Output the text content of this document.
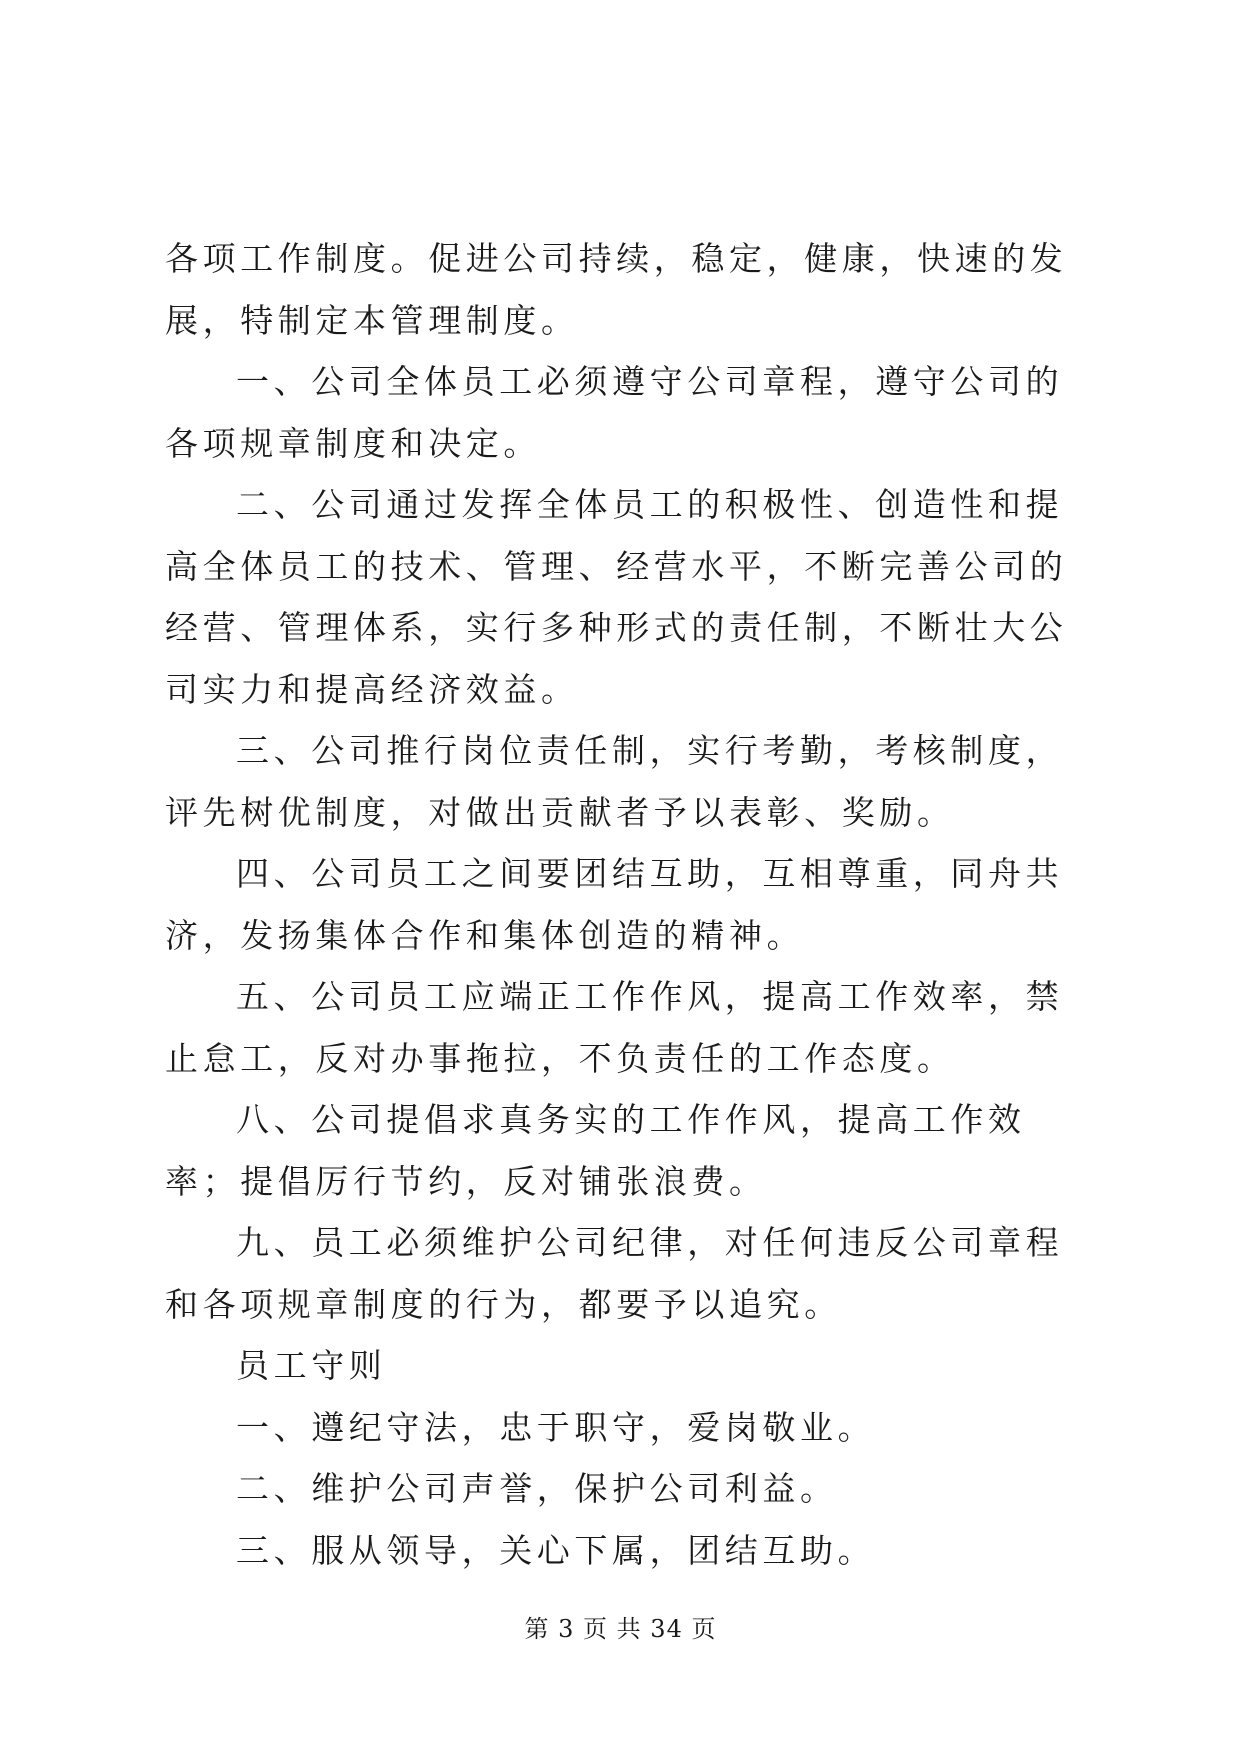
各项工作制度。促进公司持续，稳定，健康，快速的发展，特制定本管理制度。

一、公司全体员工必须遵守公司章程，遵守公司的各项规章制度和决定。

二、公司通过发挥全体员工的积极性、创造性和提高全体员工的技术、管理、经营水平，不断完善公司的经营、管理体系，实行多种形式的责任制，不断壮大公司实力和提高经济效益。

三、公司推行岗位责任制，实行考勤，考核制度，评先树优制度，对做出贡献者予以表彰、奖励。

四、公司员工之间要团结互助，互相尊重，同舟共济，发扬集体合作和集体创造的精神。

五、公司员工应端正工作作风，提高工作效率，禁止怠工，反对办事拖拉，不负责任的工作态度。

八、公司提倡求真务实的工作作风，提高工作效率；提倡厉行节约，反对铺张浪费。

九、员工必须维护公司纪律，对任何违反公司章程和各项规章制度的行为，都要予以追究。

员工守则

一、遵纪守法，忠于职守，爱岗敬业。

二、维护公司声誉，保护公司利益。

三、服从领导，关心下属，团结互助。

第 3 页 共 34 页
